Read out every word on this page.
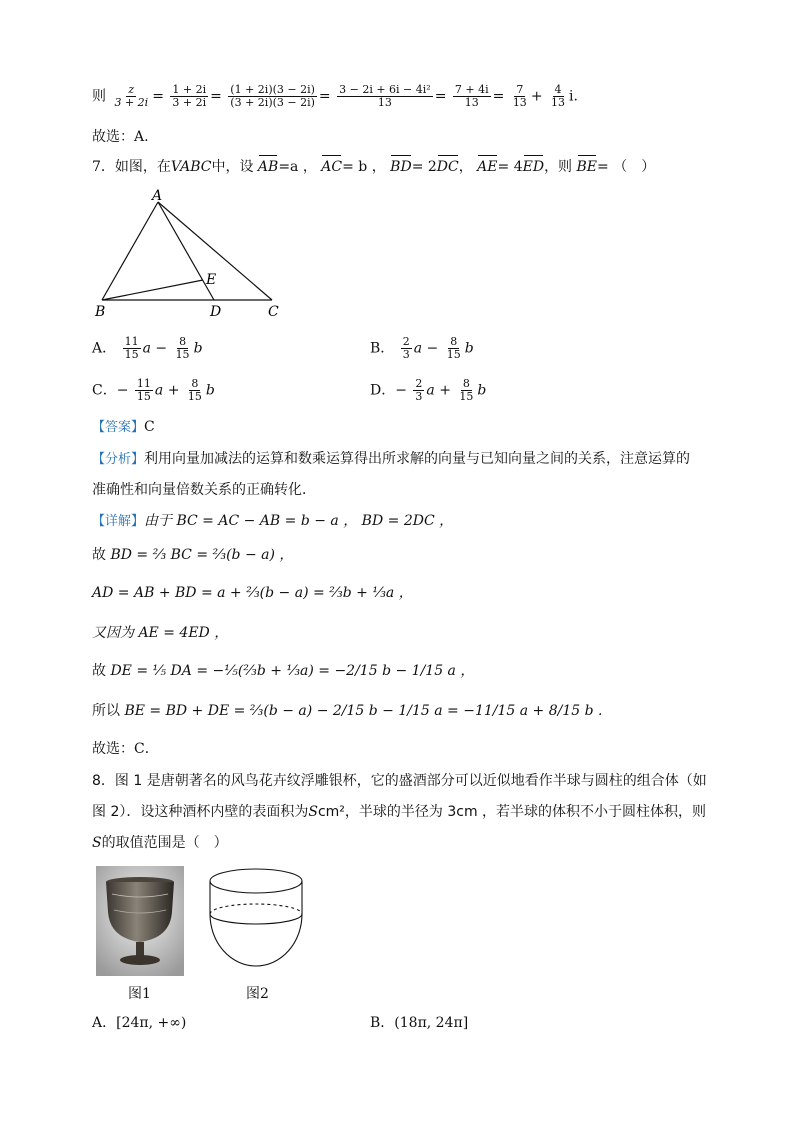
则 $\frac{z}{3 + 2i} = \frac{1 + 2i}{3 + 2i} = \frac{(1 + 2i)(3 - 2i)}{(3 + 2i)(3 - 2i)} = \frac{\text{3 − 2i + 6i − 4i²}}{13} = \frac{7 + 4i}{13} = \frac{7}{13} + \frac{4}{13} i$.
故选：A.
7．如图，在VABC中，设 AB=a ， AC= b ， BD= 2DC， AE= 4ED，则 BE= （　）
A
B	D	C
E
A． $\frac{11}{15}$ $a - \frac{8}{15}$ b	B． $\frac{2}{3}$ $a - \frac{8}{15}$ b
C．− $\frac{11}{15}$ $a + \frac{8}{15}$ b	D．− $\frac{2}{3}$ $a + \frac{8}{15}$ b
【答案】C
【分析】利用向量加减法的运算和数乘运算得出所求解的向量与已知向量之间的关系，注意运算的
准确性和向量倍数关系的正确转化．
【详解】由于 BC = AC − AB = b − a ， BD = 2DC ，
故 BD = ⅔ BC = ⅔(b − a) ，
AD = AB + BD = a + ⅔(b − a) = ⅔b + ⅓a ，
又因为 AE = 4ED ，
故 DE = ⅕ DA = −⅕(⅔b + ⅓a) = −2/15 b − 1/15 a ，
所以 BE = BD + DE = ⅔(b − a) − 2/15 b − 1/15 a = −11/15 a + 8/15 b .
故选：C．
8．图 1 是唐朝著名的风鸟花卉纹浮雕银杯，它的盛酒部分可以近似地看作半球与圆柱的组合体（如
图 2）．设这种酒杯内壁的表面积为Scm²，半球的半径为 3cm ，若半球的体积不小于圆柱体积，则
S的取值范围是（　）
图1	图2
A．[24π, +∞)	B．(18π, 24π]
